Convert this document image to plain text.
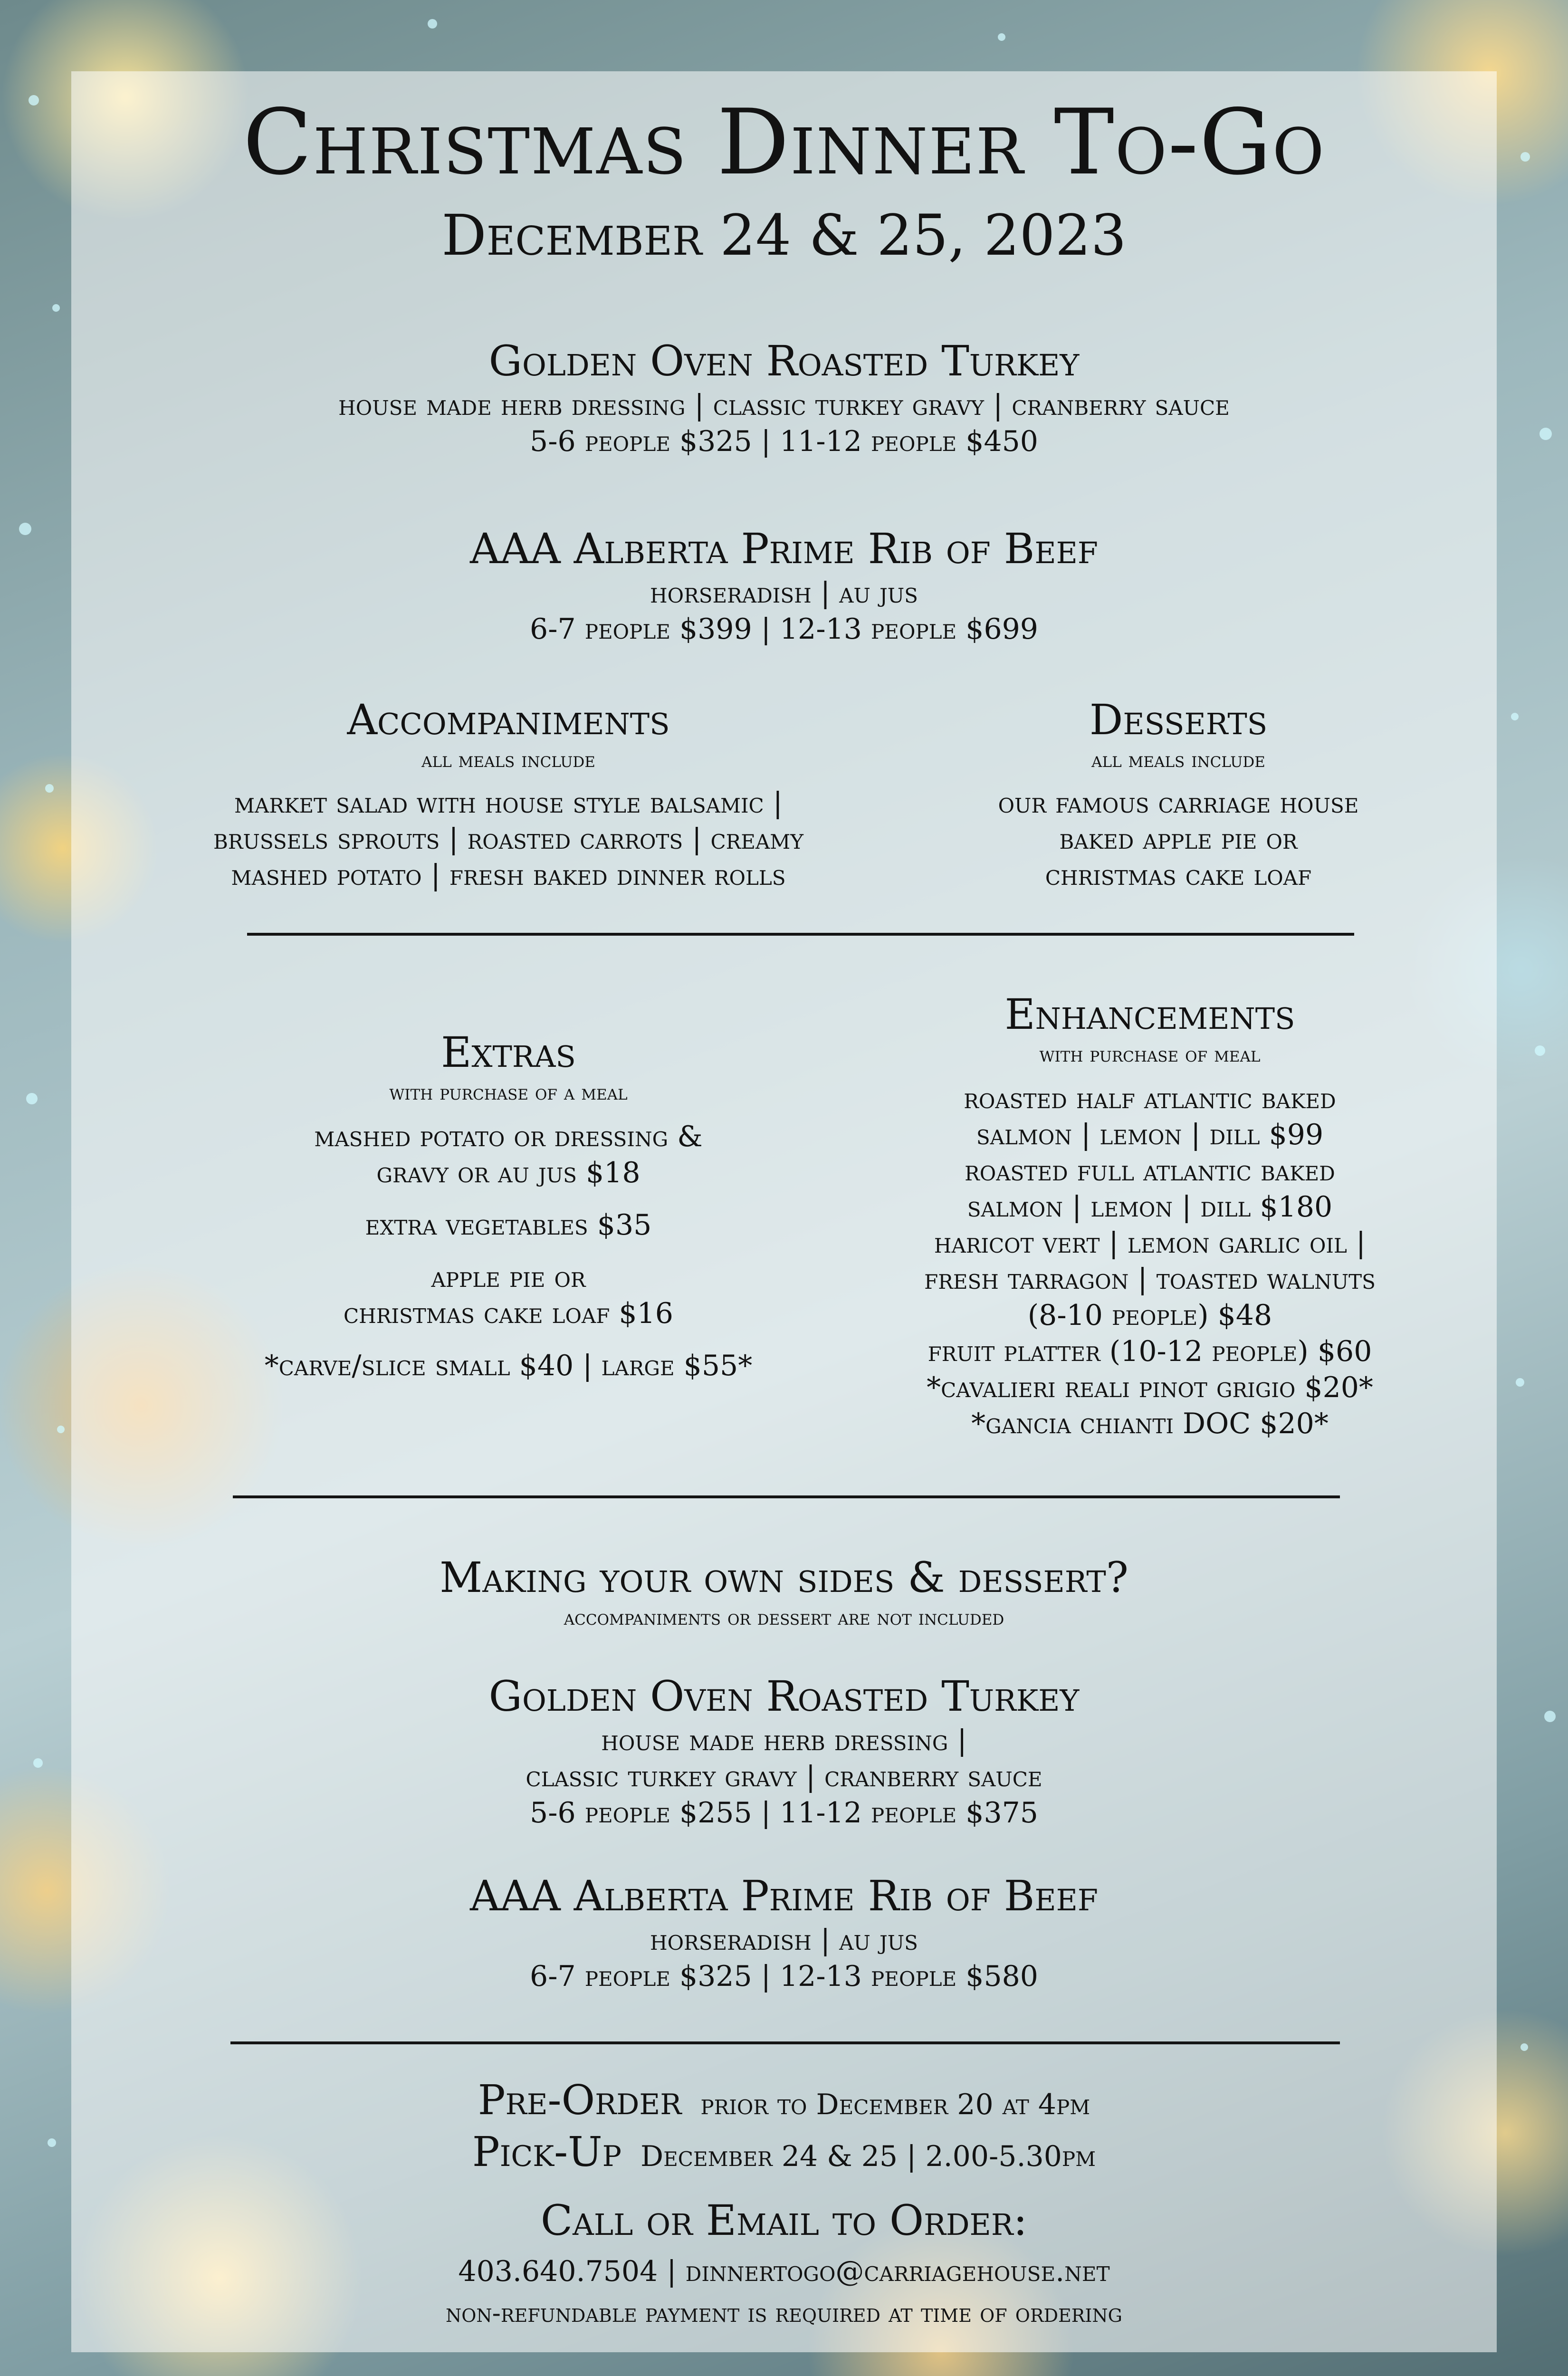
Christmas Dinner To-Go
December 24 & 25, 2023
Golden Oven Roasted Turkey
house made herb dressing | classic turkey gravy | cranberry sauce
5-6 people $325 | 11-12 people $450
AAA Alberta Prime Rib of Beef
horseradish | au jus
6-7 people $399 | 12-13 people $699
Accompaniments
all meals include
market salad with house style balsamic |
brussels sprouts | roasted carrots | creamy
mashed potato | fresh baked dinner rolls
Desserts
all meals include
our famous carriage house
baked apple pie or
christmas cake loaf
Extras
with purchase of a meal
mashed potato or dressing &
gravy or au jus $18
extra vegetables $35
apple pie or
christmas cake loaf $16
*carve/slice small $40 | large $55*
Enhancements
with purchase of meal
roasted half atlantic baked
salmon | lemon | dill $99
roasted full atlantic baked
salmon | lemon | dill $180
haricot vert | lemon garlic oil |
fresh tarragon | toasted walnuts
(8-10 people) $48
fruit platter (10-12 people) $60
*cavalieri reali pinot grigio $20*
*gancia chianti DOC $20*
Making your own sides & dessert?
accompaniments or dessert are not included
Golden Oven Roasted Turkey
house made herb dressing |
classic turkey gravy | cranberry sauce
5-6 people $255 | 11-12 people $375
AAA Alberta Prime Rib of Beef
horseradish | au jus
6-7 people $325 | 12-13 people $580
Pre-Order prior to December 20 at 4pm
Pick-Up December 24 & 25 | 2.00-5.30pm
Call or Email to Order:
403.640.7504 | dinnertogo@carriagehouse.net
non-refundable payment is required at time of ordering
